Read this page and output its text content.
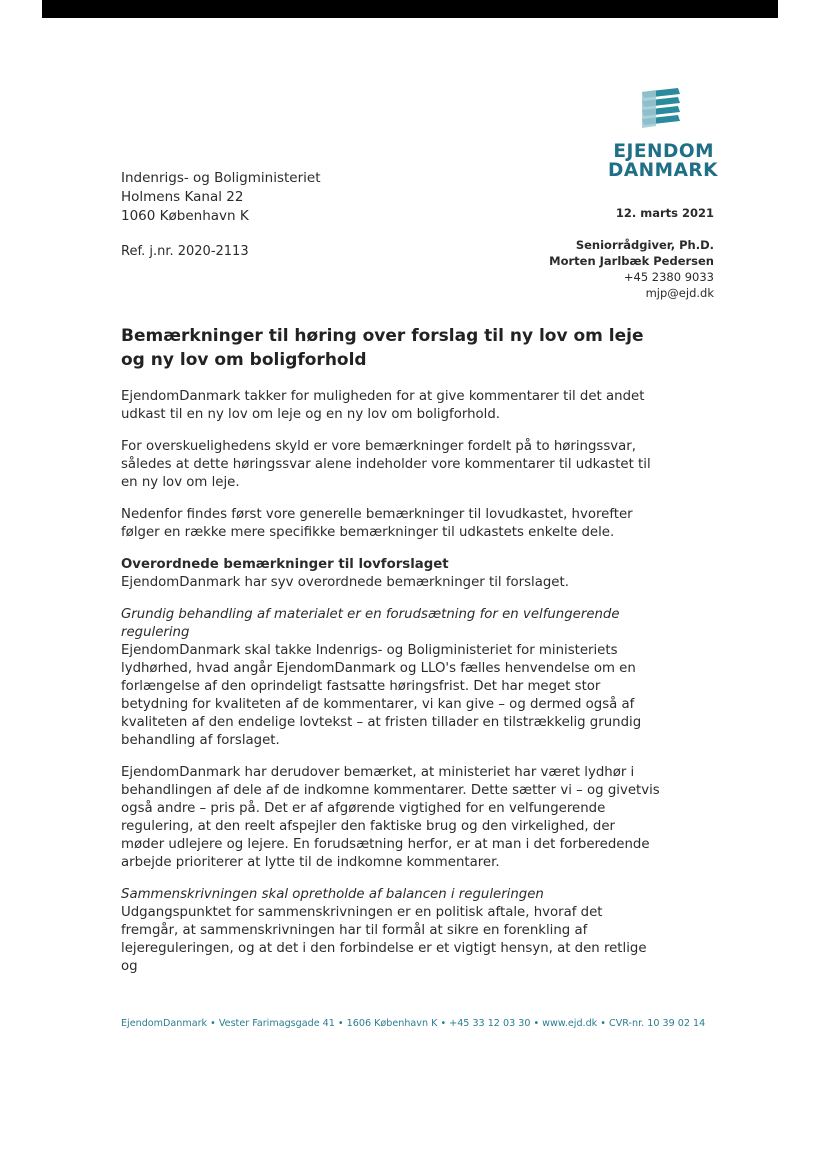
EJENDOM
DANMARK
Indenrigs- og Boligministeriet
Holmens Kanal 22
1060 København K
Ref. j.nr. 2020-2113
12. marts 2021
Seniorrådgiver, Ph.D.
Morten Jarlbæk Pedersen
+45 2380 9033
mjp@ejd.dk
Bemærkninger til høring over forslag til ny lov om leje og ny lov om boligforhold

EjendomDanmark takker for muligheden for at give kommentarer til det andet udkast til en ny lov om leje og en ny lov om boligforhold.

For overskuelighedens skyld er vore bemærkninger fordelt på to høringssvar, således at dette høringssvar alene indeholder vore kommentarer til udkastet til en ny lov om leje.

Nedenfor findes først vore generelle bemærkninger til lovudkastet, hvorefter følger en række mere specifikke bemærkninger til udkastets enkelte dele.

Overordnede bemærkninger til lovforslaget
EjendomDanmark har syv overordnede bemærkninger til forslaget.

Grundig behandling af materialet er en forudsætning for en velfungerende regulering
EjendomDanmark skal takke Indenrigs- og Boligministeriet for ministeriets lydhørhed, hvad angår EjendomDanmark og LLO's fælles henvendelse om en forlængelse af den oprindeligt fastsatte høringsfrist. Det har meget stor betydning for kvaliteten af de kommentarer, vi kan give – og dermed også af kvaliteten af den endelige lovtekst – at fristen tillader en tilstrækkelig grundig behandling af forslaget.

EjendomDanmark har derudover bemærket, at ministeriet har været lydhør i behandlingen af dele af de indkomne kommentarer. Dette sætter vi – og givetvis også andre – pris på. Det er af afgørende vigtighed for en velfungerende regulering, at den reelt afspejler den faktiske brug og den virkelighed, der møder udlejere og lejere. En forudsætning herfor, er at man i det forberedende arbejde prioriterer at lytte til de indkomne kommentarer.

Sammenskrivningen skal opretholde af balancen i reguleringen
Udgangspunktet for sammenskrivningen er en politisk aftale, hvoraf det fremgår, at sammenskrivningen har til formål at sikre en forenkling af lejereguleringen, og at det i den forbindelse er et vigtigt hensyn, at den retlige og

EjendomDanmark • Vester Farimagsgade 41 • 1606 København K • +45 33 12 03 30 • www.ejd.dk • CVR-nr. 10 39 02 14
